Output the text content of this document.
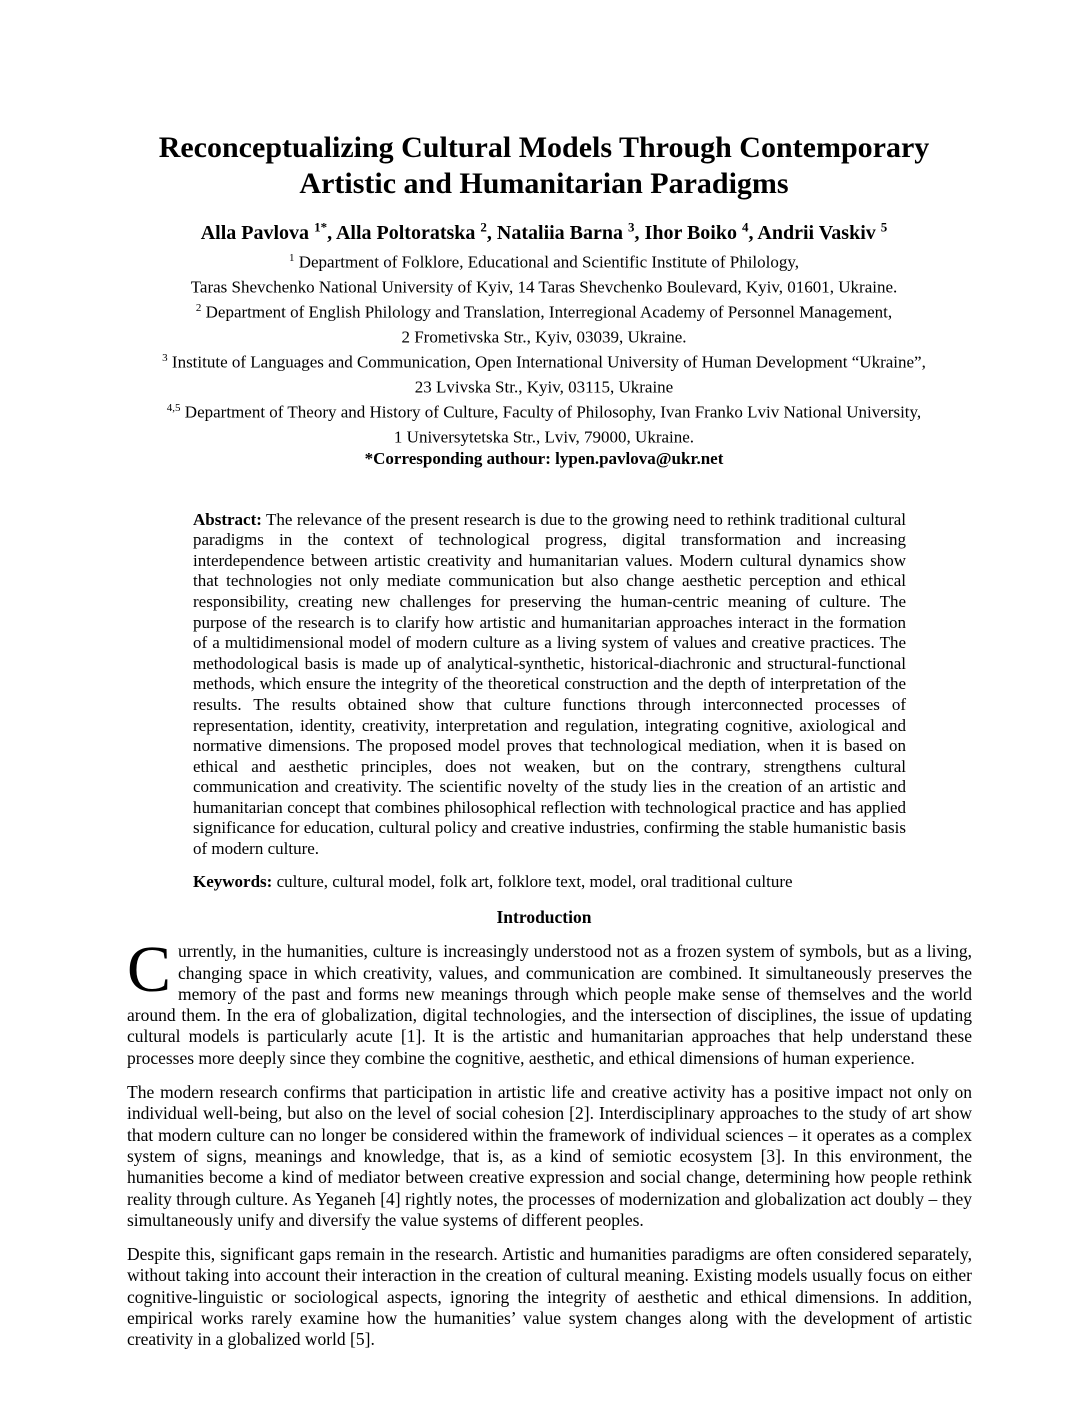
Reconceptualizing Cultural Models Through Contemporary
Artistic and Humanitarian Paradigms
Alla Pavlova $^{1*}$, Alla Poltoratska $^2$, Nataliia Barna $^3$, Ihor Boiko $^4$, Andrii Vaskiv $^5$
$^1$ Department of Folklore, Educational and Scientific Institute of Philology,
Taras Shevchenko National University of Kyiv, 14 Taras Shevchenko Boulevard, Kyiv, 01601, Ukraine.
$^2$ Department of English Philology and Translation, Interregional Academy of Personnel Management,
2 Frometivska Str., Kyiv, 03039, Ukraine.
$^3$ Institute of Languages and Communication, Open International University of Human Development “Ukraine”,
23 Lvivska Str., Kyiv, 03115, Ukraine
$^{4,5}$ Department of Theory and History of Culture, Faculty of Philosophy, Ivan Franko Lviv National University,
1 Universytetska Str., Lviv, 79000, Ukraine.
*Corresponding authour: lypen.pavlova@ukr.net
Abstract: The relevance of the present research is due to the growing need to rethink traditional cultural paradigms in the context of technological progress, digital transformation and increasing interdependence between artistic creativity and humanitarian values. Modern cultural dynamics show that technologies not only mediate communication but also change aesthetic perception and ethical responsibility, creating new challenges for preserving the human-centric meaning of culture. The purpose of the research is to clarify how artistic and humanitarian approaches interact in the formation of a multidimensional model of modern culture as a living system of values and creative practices. The methodological basis is made up of analytical-synthetic, historical-diachronic and structural-functional methods, which ensure the integrity of the theoretical construction and the depth of interpretation of the results. The results obtained show that culture functions through interconnected processes of representation, identity, creativity, interpretation and regulation, integrating cognitive, axiological and normative dimensions. The proposed model proves that technological mediation, when it is based on ethical and aesthetic principles, does not weaken, but on the contrary, strengthens cultural communication and creativity. The scientific novelty of the study lies in the creation of an artistic and humanitarian concept that combines philosophical reflection with technological practice and has applied significance for education, cultural policy and creative industries, confirming the stable humanistic basis of modern culture.
Keywords: culture, cultural model, folk art, folklore text, model, oral traditional culture
Introduction

Currently, in the humanities, culture is increasingly understood not as a frozen system of symbols, but as a living, changing space in which creativity, values, and communication are combined. It simultaneously preserves the memory of the past and forms new meanings through which people make sense of themselves and the world around them. In the era of globalization, digital technologies, and the intersection of disciplines, the issue of updating cultural models is particularly acute [1]. It is the artistic and humanitarian approaches that help understand these processes more deeply since they combine the cognitive, aesthetic, and ethical dimensions of human experience.

The modern research confirms that participation in artistic life and creative activity has a positive impact not only on individual well-being, but also on the level of social cohesion [2]. Interdisciplinary approaches to the study of art show that modern culture can no longer be considered within the framework of individual sciences – it operates as a complex system of signs, meanings and knowledge, that is, as a kind of semiotic ecosystem [3]. In this environment, the humanities become a kind of mediator between creative expression and social change, determining how people rethink reality through culture. As Yeganeh [4] rightly notes, the processes of modernization and globalization act doubly – they simultaneously unify and diversify the value systems of different peoples.

Despite this, significant gaps remain in the research. Artistic and humanities paradigms are often considered separately, without taking into account their interaction in the creation of cultural meaning. Existing models usually focus on either cognitive-linguistic or sociological aspects, ignoring the integrity of aesthetic and ethical dimensions. In addition, empirical works rarely examine how the humanities’ value system changes along with the development of artistic creativity in a globalized world [5].
